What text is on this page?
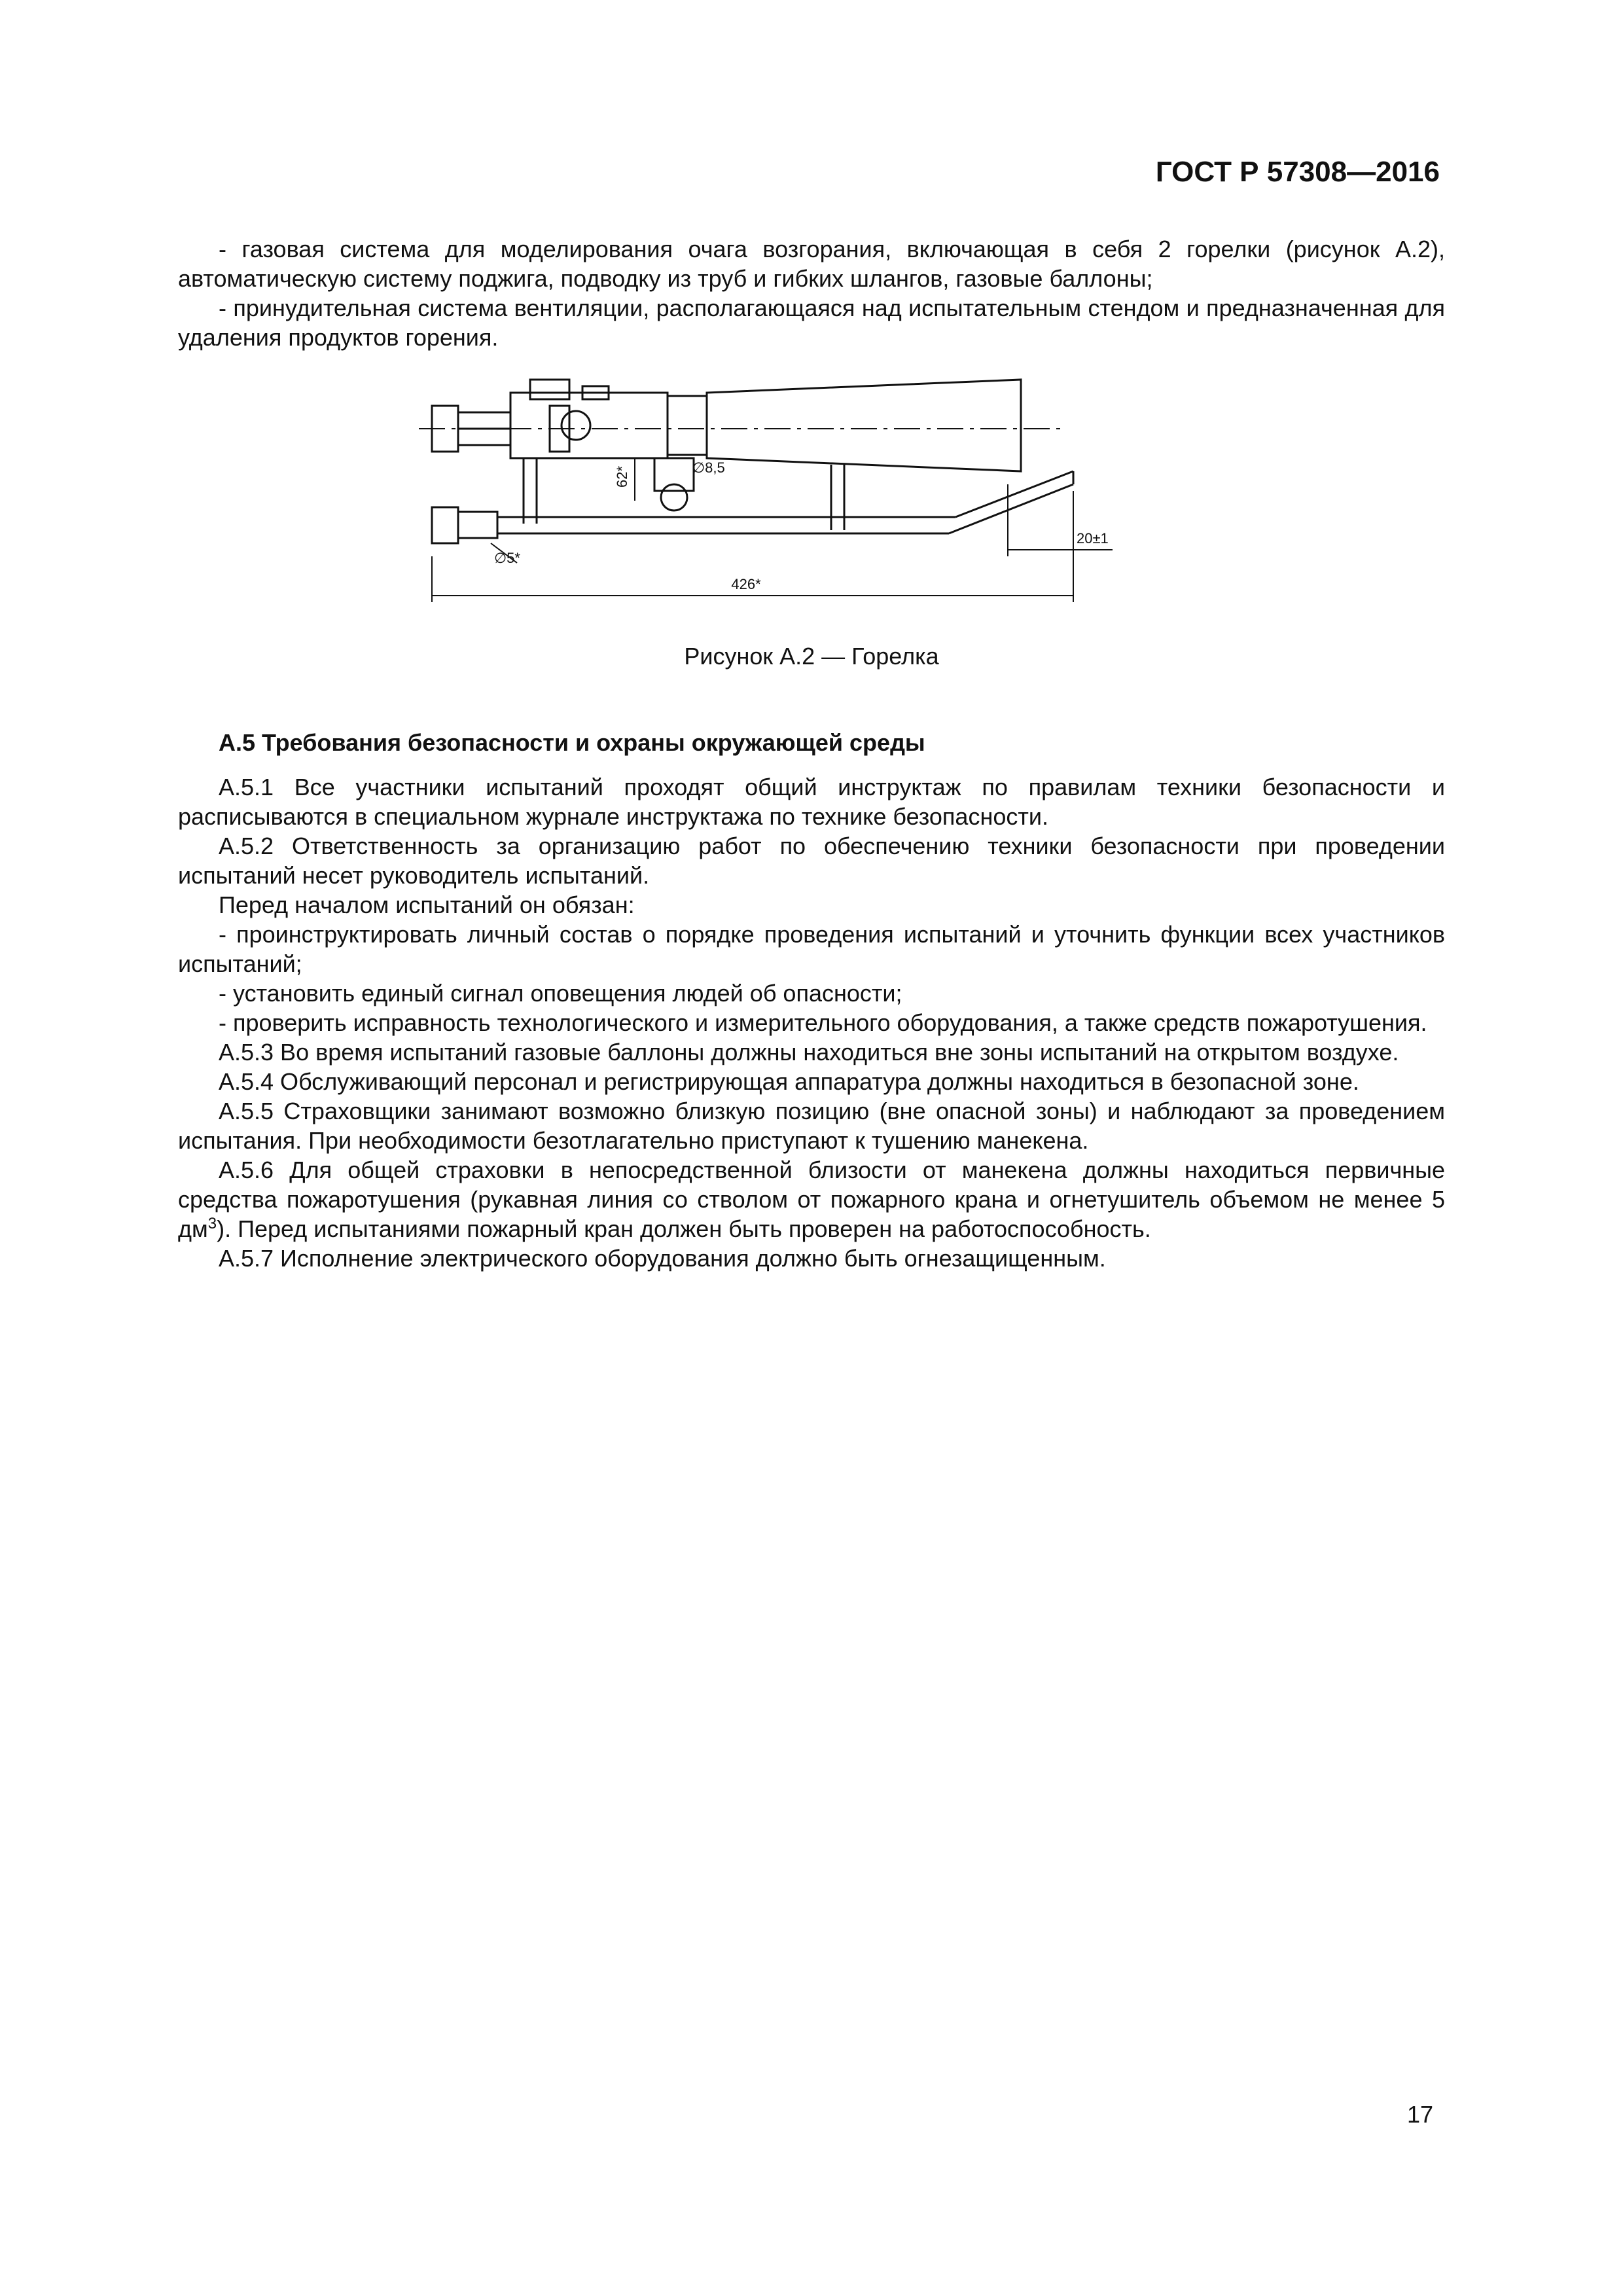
ГОСТ Р 57308—2016

- газовая система для моделирования очага возгорания, включающая в себя 2 горелки (рисунок А.2), автоматическую систему поджига, подводку из труб и гибких шлангов, газовые баллоны;

- принудительная система вентиляции, располагающаяся над испытательным стендом и предназначенная для удаления продуктов горения.

426*
20±1
62*	∅8,5
∅5*
Рисунок А.2 — Горелка
А.5 Требования безопасности и охраны окружающей среды

А.5.1 Все участники испытаний проходят общий инструктаж по правилам техники безопасности и расписываются в специальном журнале инструктажа по технике безопасности.

А.5.2 Ответственность за организацию работ по обеспечению техники безопасности при проведении испытаний несет руководитель испытаний.

Перед началом испытаний он обязан:

- проинструктировать личный состав о порядке проведения испытаний и уточнить функции всех участников испытаний;

- установить единый сигнал оповещения людей об опасности;

- проверить исправность технологического и измерительного оборудования, а также средств пожаротушения.

А.5.3 Во время испытаний газовые баллоны должны находиться вне зоны испытаний на открытом воздухе.

А.5.4 Обслуживающий персонал и регистрирующая аппаратура должны находиться в безопасной зоне.

А.5.5 Страховщики занимают возможно близкую позицию (вне опасной зоны) и наблюдают за проведением испытания. При необходимости безотлагательно приступают к тушению манекена.

А.5.6 Для общей страховки в непосредственной близости от манекена должны находиться первичные средства пожаротушения (рукавная линия со стволом от пожарного крана и огнетушитель объемом не менее 5 $дм^3$). Перед испытаниями пожарный кран должен быть проверен на работоспособность.

А.5.7 Исполнение электрического оборудования должно быть огнезащищенным.

17
